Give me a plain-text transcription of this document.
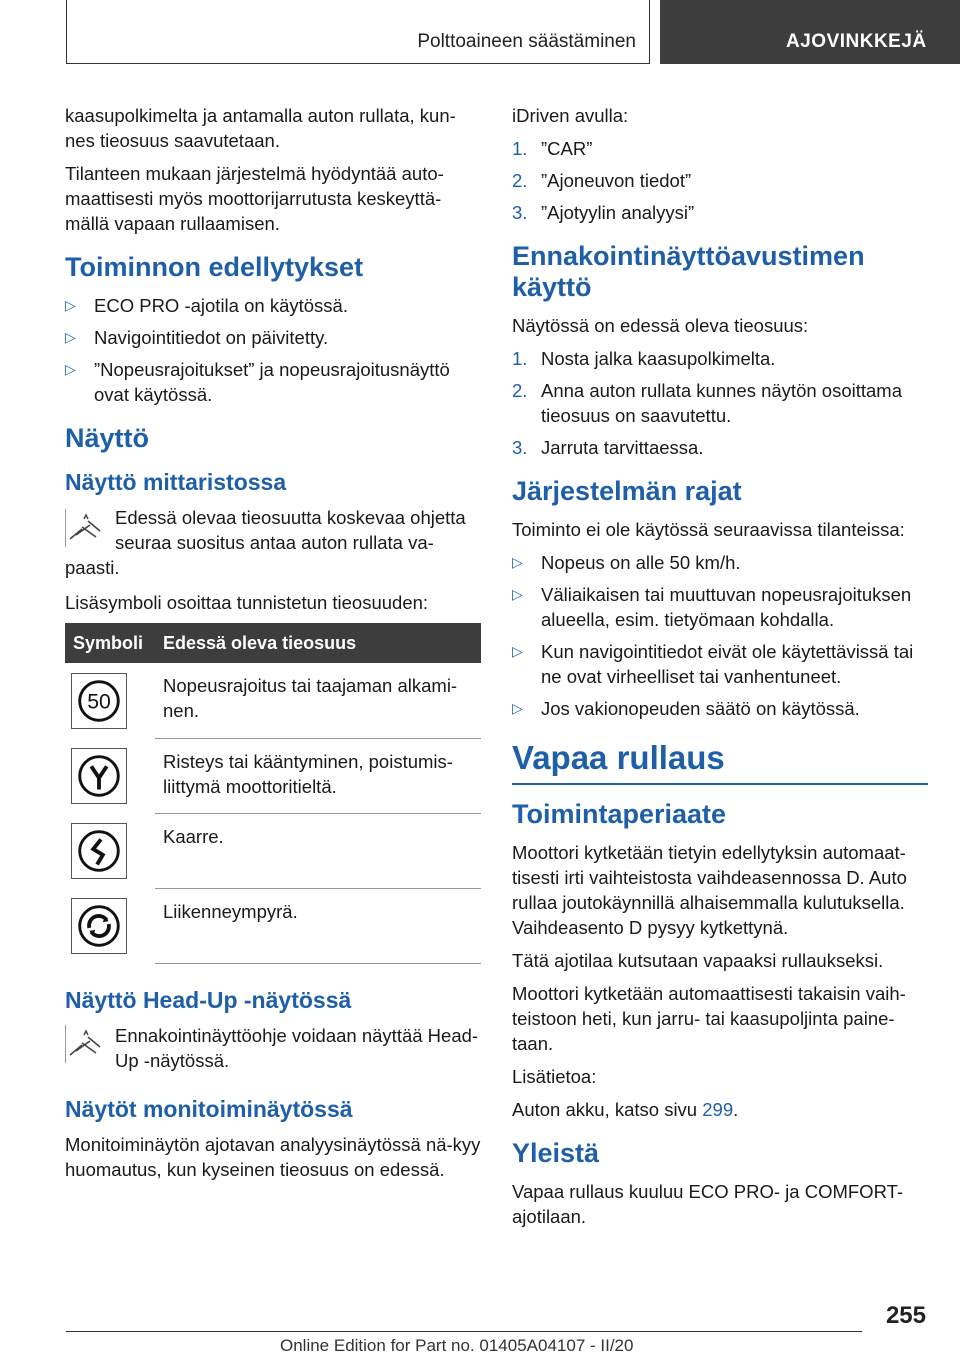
Polttoaineen säästäminen	AJOVINKKEJÄ

kaasupolkimelta ja antamalla auton rullata, kun-nes tieosuus saavutetaan.

Tilanteen mukaan järjestelmä hyödyntää auto-maattisesti myös moottorijarrutusta keskeyttä-mällä vapaan rullaamisen.

Toiminnon edellytykset
▷ ECO PRO -ajotila on käytössä.
▷ Navigointitiedot on päivitetty.
▷ ”Nopeusrajoitukset” ja nopeusrajoitusnäyttö ovat käytössä.
Näyttö
Näyttö mittaristossa
Edessä olevaa tieosuutta koskevaa ohjetta seuraa suositus antaa auton rullata va-paasti.

Lisäsymboli osoittaa tunnistetun tieosuuden:

Symboli	Edessä oleva tieosuus

50	Nopeusrajoitus tai taajaman alkami-nen.

	Risteys tai kääntyminen, poistumis-liittymä moottoritieltä.

	Kaarre.

	Liikenneympyrä.
Näyttö Head-Up -näytössä
Ennakointinäyttöohje voidaan näyttää Head-Up -näytössä.
Näytöt monitoiminäytössä

Monitoiminäytön ajotavan analyysinäytössä nä-kyy huomautus, kun kyseinen tieosuus on edessä.

iDriven avulla:

1. ”CAR”
2. ”Ajoneuvon tiedot”
3. ”Ajotyylin analyysi”
Ennakointinäyttöavustimen käyttö

Näytössä on edessä oleva tieosuus:

1. Nosta jalka kaasupolkimelta.
2. Anna auton rullata kunnes näytön osoittama tieosuus on saavutettu.
3. Jarruta tarvittaessa.
Järjestelmän rajat

Toiminto ei ole käytössä seuraavissa tilanteissa:

▷ Nopeus on alle 50 km/h.
▷ Väliaikaisen tai muuttuvan nopeusrajoituksen alueella, esim. tietyömaan kohdalla.
▷ Kun navigointitiedot eivät ole käytettävissä tai ne ovat virheelliset tai vanhentuneet.
▷ Jos vakionopeuden säätö on käytössä.
Vapaa rullaus
Toimintaperiaate

Moottori kytketään tietyin edellytyksin automaat-tisesti irti vaihteistosta vaihdeasennossa D. Auto rullaa joutokäynnillä alhaisemmalla kulutuksella. Vaihdeasento D pysyy kytkettynä.

Tätä ajotilaa kutsutaan vapaaksi rullaukseksi.

Moottori kytketään automaattisesti takaisin vaih-teistoon heti, kun jarru- tai kaasupoljinta paine-taan.

Lisätietoa:

Auton akku, katso sivu 299.

Yleistä

Vapaa rullaus kuuluu ECO PRO- ja COMFORT-ajotilaan.

255
Online Edition for Part no. 01405A04107 - II/20
